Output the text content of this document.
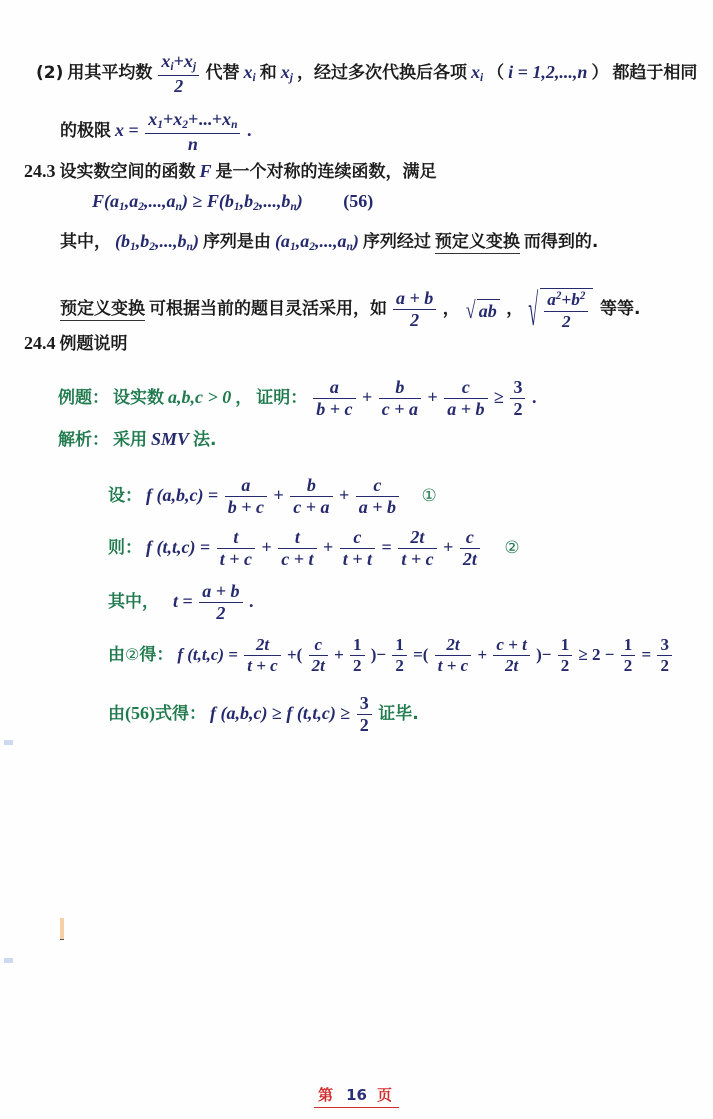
(2) 用其平均数 $\frac{x_i+x_j}{2}$ 代替 $x_i$ 和 $x_j$ ，经过多次代换后各项 $x_i$ （ i = 1,2,...,n ） 都趋于相同
的极限 $x = \frac{x_1+x_2+...+x_n}{n}$ .
24.3 设实数空间的函数 F 是一个对称的连续函数，满足
$F(a_1,a_2,...,a_n) \ge F(b_1,b_2,...,b_n)$ (56)
其中， $(b_1,b_2,...,b_n)$ 序列是由 $(a_1,a_2,...,a_n)$ 序列经过 预定义变换 而得到的.
预定义变换 可根据当前的题目灵活采用，如 $\frac{a + b}{2}$ ， √ ab ， √ $\frac{a^2+b^2}{2}$ 等等.
24.4 例题说明
例题： 设实数 a,b,c > 0 ， 证明： $\frac{a}{b + c} + \frac{b}{c + a} + \frac{c}{a + b} \ge \frac{3}{2}$ .
解析： 采用 SMV 法.
设： f $(a,b,c) = \frac{a}{b + c} + \frac{b}{c + a} + \frac{c}{a + b}$ ①
则： f $(t,t,c) = \frac{t}{t + c} + \frac{t}{c + t} + \frac{c}{t + t} = \frac{2t}{t + c} + \frac{c}{2t}$ ②
其中， $t = \frac{a + b}{2}$ .
由②得： f $(t,t,c) = \frac{2t}{t + c}$ +( $\frac{c}{2t} + \frac{1}{2}$ )− $\frac{1}{2}$ =( $\frac{2t}{t + c} + \frac{c + t}{2t}$ )− $\frac{1}{2} \ge 2 - \frac{1}{2} = \frac{3}{2}$
由(56)式得： f (a,b,c) ≥ f $(t,t,c) \ge \frac{3}{2}$ 证毕.
第 16 页
